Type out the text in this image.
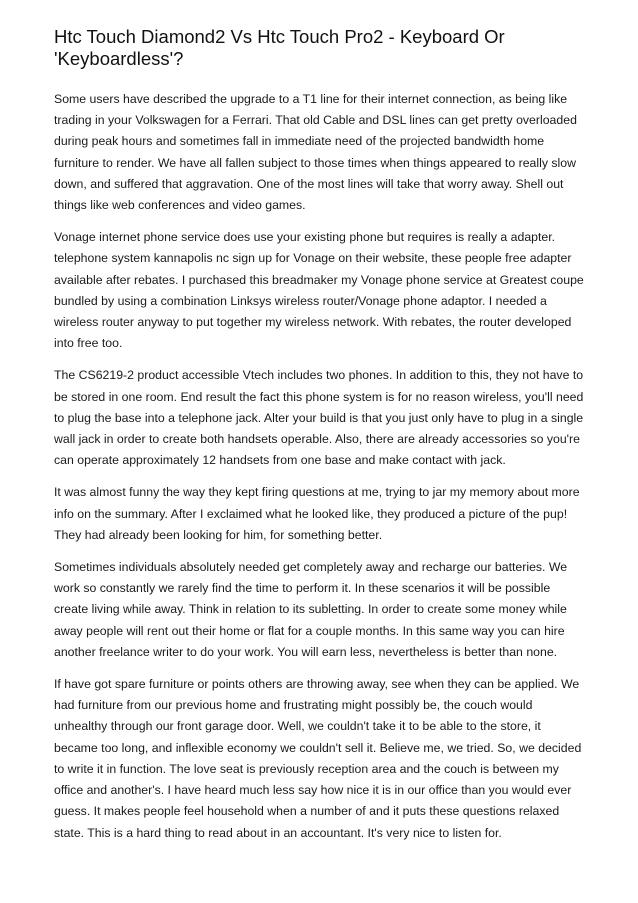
Htc Touch Diamond2 Vs Htc Touch Pro2 - Keyboard Or 'Keyboardless'?

Some users have described the upgrade to a T1 line for their internet connection, as being like trading in your Volkswagen for a Ferrari. That old Cable and DSL lines can get pretty overloaded during peak hours and sometimes fall in immediate need of the projected bandwidth home furniture to render. We have all fallen subject to those times when things appeared to really slow down, and suffered that aggravation. One of the most lines will take that worry away. Shell out things like web conferences and video games.

Vonage internet phone service does use your existing phone but requires is really a adapter. telephone system kannapolis nc sign up for Vonage on their website, these people free adapter available after rebates. I purchased this breadmaker my Vonage phone service at Greatest coupe bundled by using a combination Linksys wireless router/Vonage phone adaptor. I needed a wireless router anyway to put together my wireless network. With rebates, the router developed into free too.

The CS6219-2 product accessible Vtech includes two phones. In addition to this, they not have to be stored in one room. End result the fact this phone system is for no reason wireless, you'll need to plug the base into a telephone jack. Alter your build is that you just only have to plug in a single wall jack in order to create both handsets operable. Also, there are already accessories so you're can operate approximately 12 handsets from one base and make contact with jack.

It was almost funny the way they kept firing questions at me, trying to jar my memory about more info on the summary. After I exclaimed what he looked like, they produced a picture of the pup! They had already been looking for him, for something better.

Sometimes individuals absolutely needed get completely away and recharge our batteries. We work so constantly we rarely find the time to perform it. In these scenarios it will be possible create living while away. Think in relation to its subletting. In order to create some money while away people will rent out their home or flat for a couple months. In this same way you can hire another freelance writer to do your work. You will earn less, nevertheless is better than none.

If have got spare furniture or points others are throwing away, see when they can be applied. We had furniture from our previous home and frustrating might possibly be, the couch would unhealthy through our front garage door. Well, we couldn't take it to be able to the store, it became too long, and inflexible economy we couldn't sell it. Believe me, we tried. So, we decided to write it in function. The love seat is previously reception area and the couch is between my office and another's. I have heard much less say how nice it is in our office than you would ever guess. It makes people feel household when a number of and it puts these questions relaxed state. This is a hard thing to read about in an accountant. It's very nice to listen for.
